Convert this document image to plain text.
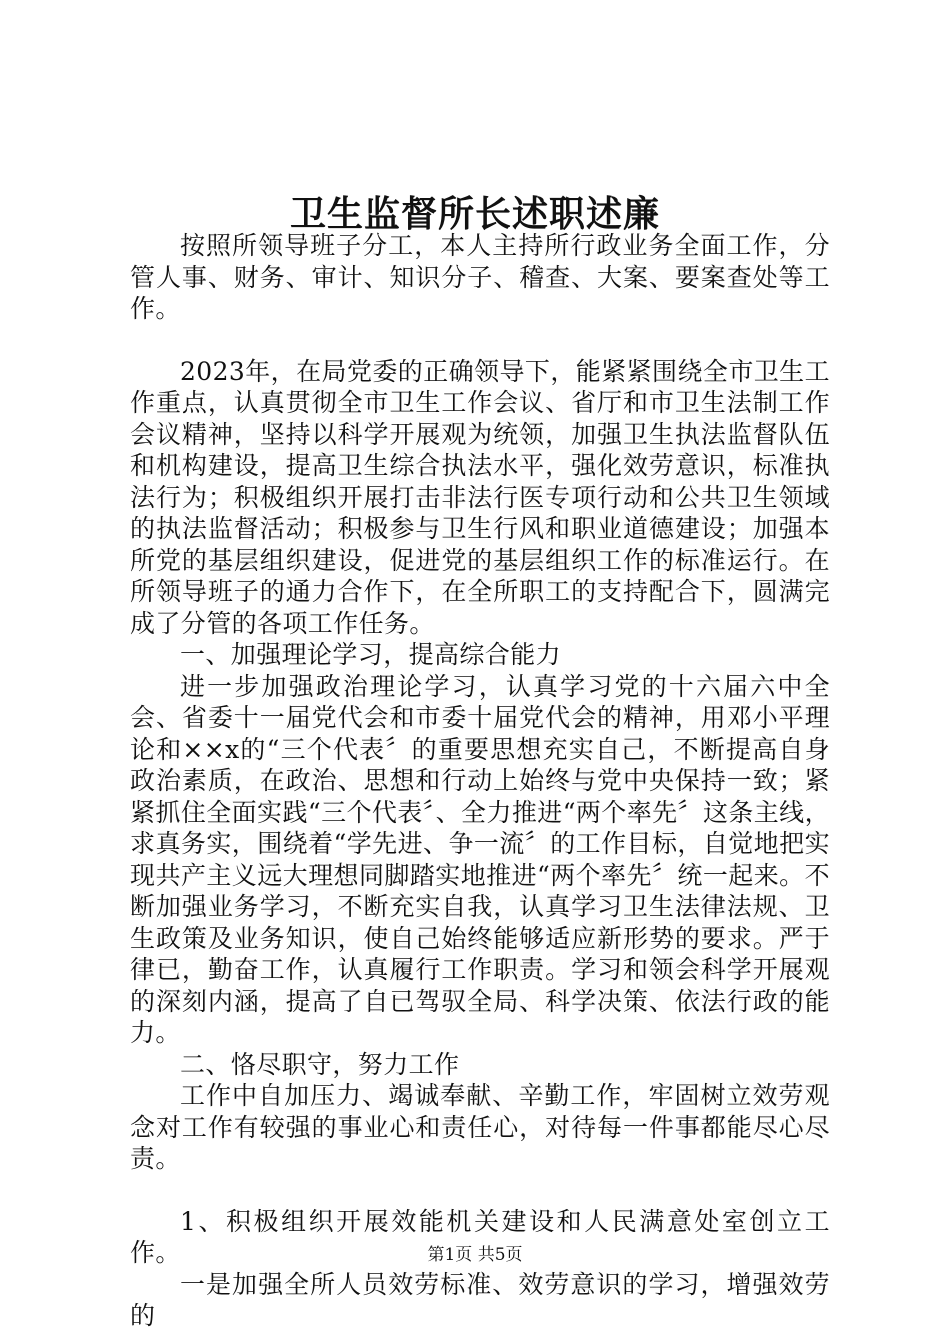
卫生监督所长述职述廉

按照所领导班子分工，本人主持所行政业务全面工作，分管人事、财务、审计、知识分子、稽查、大案、要案查处等工作。

2023年，在局党委的正确领导下，能紧紧围绕全市卫生工作重点，认真贯彻全市卫生工作会议、省厅和市卫生法制工作会议精神，坚持以科学开展观为统领，加强卫生执法监督队伍和机构建设，提高卫生综合执法水平，强化效劳意识，标准执法行为；积极组织开展打击非法行医专项行动和公共卫生领域的执法监督活动；积极参与卫生行风和职业道德建设；加强本所党的基层组织建设，促进党的基层组织工作的标准运行。在所领导班子的通力合作下，在全所职工的支持配合下，圆满完成了分管的各项工作任务。

一、加强理论学习，提高综合能力

进一步加强政治理论学习，认真学习党的十六届六中全会、省委十一届党代会和市委十届党代会的精神，用邓小平理论和××x的“三个代表〞的重要思想充实自己，不断提高自身政治素质，在政治、思想和行动上始终与党中央保持一致；紧紧抓住全面实践“三个代表〞、全力推进“两个率先〞这条主线，求真务实，围绕着“学先进、争一流〞的工作目标，自觉地把实现共产主义远大理想同脚踏实地推进“两个率先〞统一起来。不断加强业务学习，不断充实自我，认真学习卫生法律法规、卫生政策及业务知识，使自己始终能够适应新形势的要求。严于律已，勤奋工作，认真履行工作职责。学习和领会科学开展观的深刻内涵，提高了自已驾驭全局、科学决策、依法行政的能力。

二、恪尽职守，努力工作

工作中自加压力、竭诚奉献、辛勤工作，牢固树立效劳观念对工作有较强的事业心和责任心，对待每一件事都能尽心尽责。

1、积极组织开展效能机关建设和人民满意处室创立工作。

一是加强全所人员效劳标准、效劳意识的学习，增强效劳的

第1页 共5页
